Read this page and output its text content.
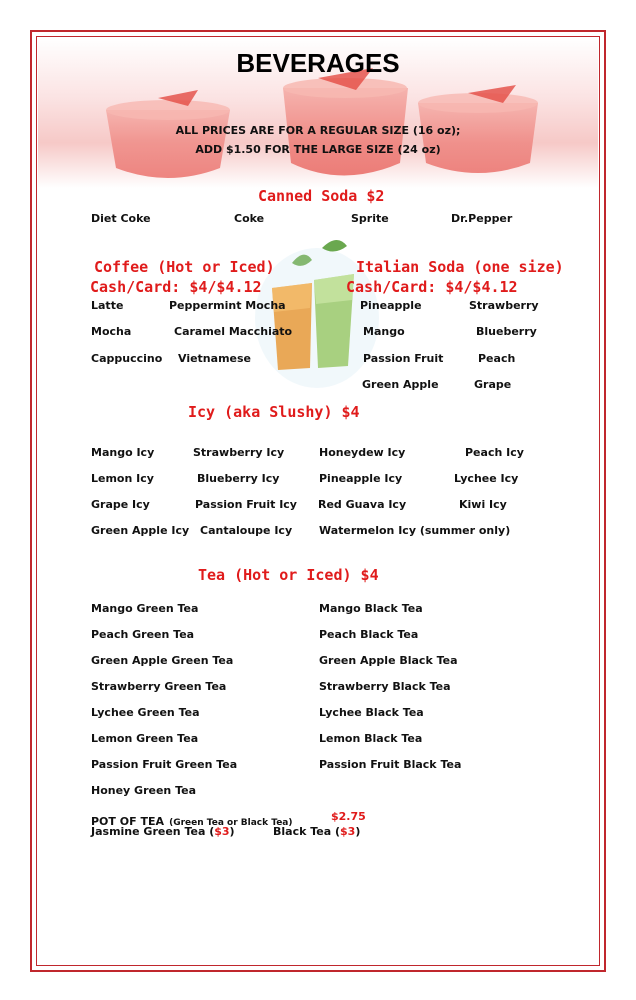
BEVERAGES
ALL PRICES ARE FOR A REGULAR SIZE (16 oz);
ADD $1.50 FOR THE LARGE SIZE (24 oz)
Canned Soda $2
Diet Coke	Coke	Sprite	Dr.Pepper
Coffee (Hot or Iced)
Cash/Card: $4/$4.12
Latte	Peppermint Mocha
Mocha	Caramel Macchiato
Cappuccino Vietnamese
Italian Soda (one size)
Cash/Card: $4/$4.12
Pineapple	Strawberry
Mango	Blueberry
Passion Fruit	Peach
Green Apple	Grape
Icy (aka Slushy) $4
Mango Icy	Strawberry Icy	Honeydew Icy	Peach Icy
Lemon Icy	Blueberry Icy	Pineapple Icy	Lychee Icy
Grape Icy	Passion Fruit Icy Red Guava Icy	Kiwi Icy
Green Apple Icy Cantaloupe Icy Watermelon Icy (summer only)
Tea (Hot or Iced) $4
Mango Green Tea
Peach Green Tea
Green Apple Green Tea
Strawberry Green Tea
Lychee Green Tea
Lemon Green Tea
Passion Fruit Green Tea
Honey Green Tea
Mango Black Tea
Peach Black Tea
Green Apple Black Tea
Strawberry Black Tea
Lychee Black Tea
Lemon Black Tea
Passion Fruit Black Tea
POT OF TEA (Green Tea or Black Tea)	$2.75
Jasmine Green Tea ($3)	Black Tea ($3)
